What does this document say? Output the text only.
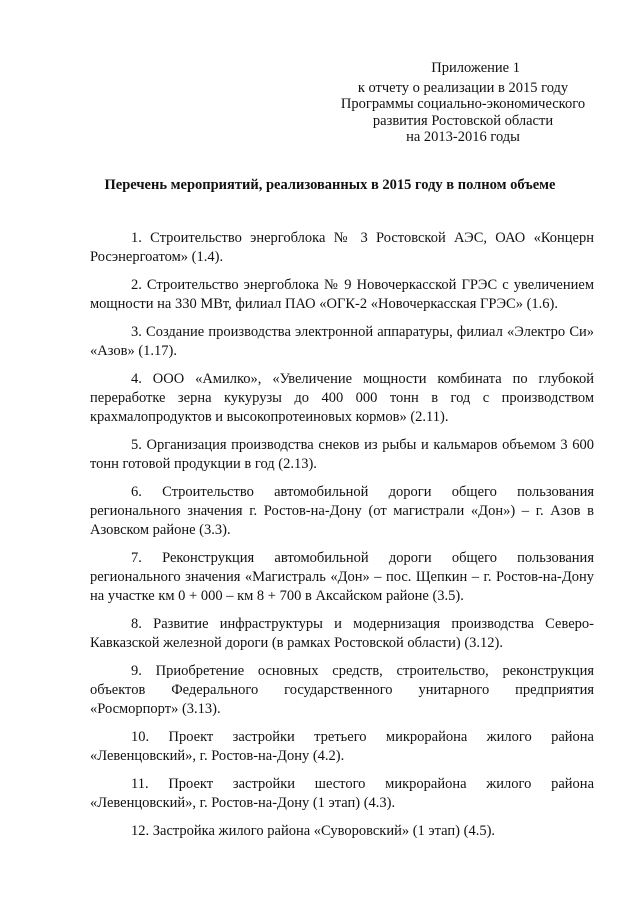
Приложение 1
к отчету о реализации в 2015 году
Программы социально-экономического
развития Ростовской области
на 2013-2016 годы
Перечень мероприятий, реализованных в 2015 году в полном объеме

1. Строительство энергоблока № 3 Ростовской АЭС, ОАО «Концерн Росэнергоатом» (1.4).

2. Строительство энергоблока № 9 Новочеркасской ГРЭС с увеличением мощности на 330 МВт, филиал ПАО «ОГК-2 «Новочеркасская ГРЭС» (1.6).

3. Создание производства электронной аппаратуры, филиал «Электро Си» «Азов» (1.17).

4. ООО «Амилко», «Увеличение мощности комбината по глубокой переработке зерна кукурузы до 400 000 тонн в год с производством крахмалопродуктов и высокопротеиновых кормов» (2.11).

5. Организация производства снеков из рыбы и кальмаров объемом 3 600 тонн готовой продукции в год (2.13).

6. Строительство автомобильной дороги общего пользования регионального значения г. Ростов-на-Дону (от магистрали «Дон») – г. Азов в Азовском районе (3.3).

7. Реконструкция автомобильной дороги общего пользования регионального значения «Магистраль «Дон» – пос. Щепкин – г. Ростов-на-Дону на участке км 0 + 000 – км 8 + 700 в Аксайском районе (3.5).

8. Развитие инфраструктуры и модернизация производства Северо-Кавказской железной дороги (в рамках Ростовской области) (3.12).

9. Приобретение основных средств, строительство, реконструкция объектов Федерального государственного унитарного предприятия «Росморпорт» (3.13).

10. Проект застройки третьего микрорайона жилого района «Левенцовский», г. Ростов-на-Дону (4.2).

11. Проект застройки шестого микрорайона жилого района «Левенцовский», г. Ростов-на-Дону (1 этап) (4.3).

12. Застройка жилого района «Суворовский» (1 этап) (4.5).
